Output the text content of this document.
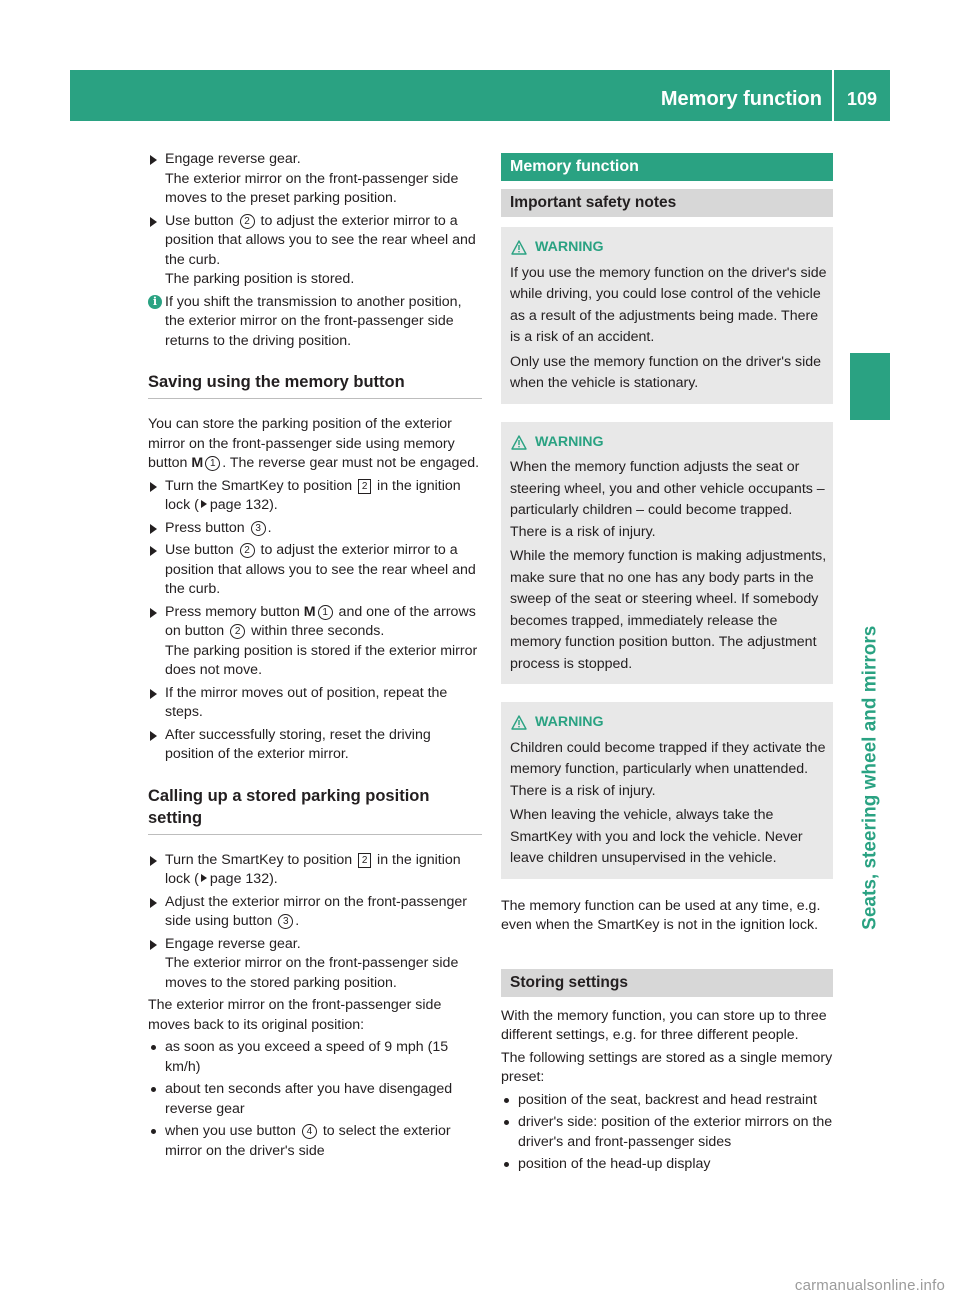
Memory function	109
Seats, steering wheel and mirrors
Engage reverse gear.
The exterior mirror on the front-passenger side moves to the preset parking position.
Use button 2 to adjust the exterior mirror to a position that allows you to see the rear wheel and the curb.
The parking position is stored.
i If you shift the transmission to another position, the exterior mirror on the front-passenger side returns to the driving position.
Saving using the memory button
You can store the parking position of the exterior mirror on the front-passenger side using memory button M 1 . The reverse gear must not be engaged.
Turn the SmartKey to position 2 in the ignition lock ( page 132).
Press button 3 .
Use button 2 to adjust the exterior mirror to a position that allows you to see the rear wheel and the curb.
Press memory button M 1 and one of the arrows on button 2 within three seconds.
The parking position is stored if the exterior mirror does not move.
If the mirror moves out of position, repeat the steps.
After successfully storing, reset the driving position of the exterior mirror.
Calling up a stored parking position setting
Turn the SmartKey to position 2 in the ignition lock ( page 132).
Adjust the exterior mirror on the front-passenger side using button 3 .
Engage reverse gear.
The exterior mirror on the front-passenger side moves to the stored parking position.
The exterior mirror on the front-passenger side moves back to its original position:
as soon as you exceed a speed of 9 mph (15 km/h)
about ten seconds after you have disengaged reverse gear
when you use button 4 to select the exterior mirror on the driver's side
Memory function
Important safety notes
WARNING

If you use the memory function on the driver's side while driving, you could lose control of the vehicle as a result of the adjustments being made. There is a risk of an accident.

Only use the memory function on the driver's side when the vehicle is stationary.

WARNING

When the memory function adjusts the seat or steering wheel, you and other vehicle occupants – particularly children – could become trapped. There is a risk of injury.

While the memory function is making adjustments, make sure that no one has any body parts in the sweep of the seat or steering wheel. If somebody becomes trapped, immediately release the memory function position button. The adjustment process is stopped.

WARNING

Children could become trapped if they activate the memory function, particularly when unattended. There is a risk of injury.

When leaving the vehicle, always take the SmartKey with you and lock the vehicle. Never leave children unsupervised in the vehicle.

The memory function can be used at any time, e.g. even when the SmartKey is not in the ignition lock.
Storing settings
With the memory function, you can store up to three different settings, e.g. for three different people.
The following settings are stored as a single memory preset:
position of the seat, backrest and head restraint
driver's side: position of the exterior mirrors on the driver's and front-passenger sides
position of the head-up display
carmanualsonline.info
